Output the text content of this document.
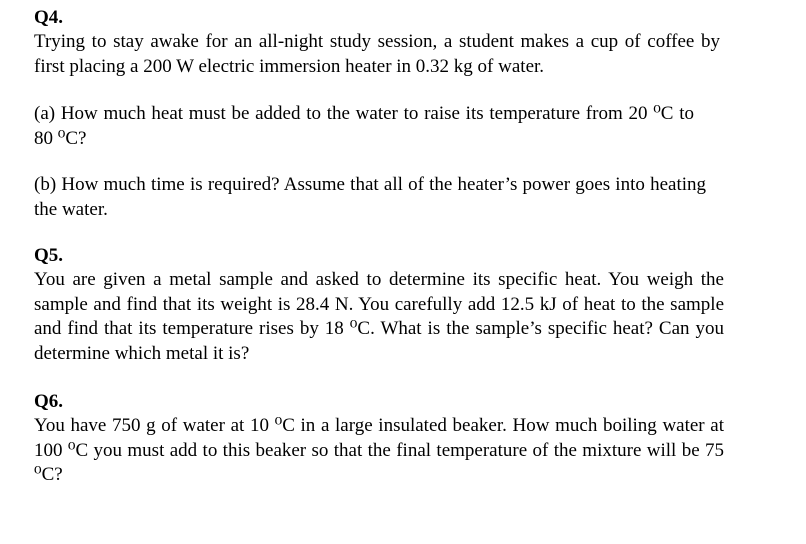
Q4.

Trying to stay awake for an all-night study session, a student makes a cup of coffee by first placing a 200 W electric immersion heater in 0.32 kg of water.

(a) How much heat must be added to the water to raise its temperature from 20 ⁰C to 80 ⁰C?

(b) How much time is required? Assume that all of the heater’s power goes into heating the water.

Q5.

You are given a metal sample and asked to determine its specific heat. You weigh the sample and find that its weight is 28.4 N. You carefully add 12.5 kJ of heat to the sample and find that its temperature rises by 18 ⁰C. What is the sample’s specific heat? Can you determine which metal it is?

Q6.

You have 750 g of water at 10 ⁰C in a large insulated beaker. How much boiling water at 100 ⁰C you must add to this beaker so that the final temperature of the mixture will be 75 ⁰C?
